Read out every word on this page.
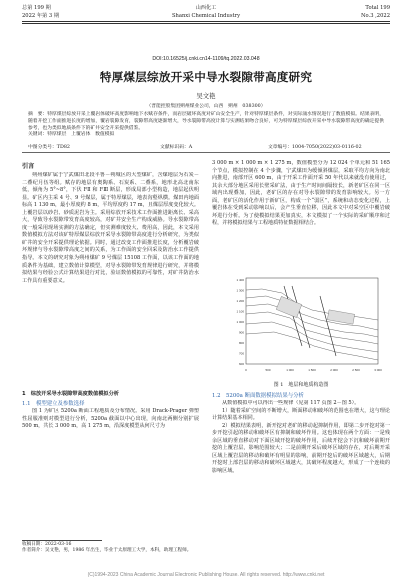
总第 199 期
2022 年第 3 期
山西化工
Shanxi Chemical Industry
Total 199
No.3 ,2022
DOI:10.16525/j.cnki.cn14-1109/tq.2022.03.048
特厚煤层综放开采中导水裂隙带高度研究
吴文艳
（晋能控股集团朔州煤业公司，山西　朔州　038300）
摘　要：特厚煤层综放开采上覆岩体破坏高度影响地下水赋存条件，而岩层破坏高度对矿山安全生产，针对特厚煤层条件，对实际涌水情况进行了数值模拟。结果表明，随着开挖工作面推进长度的增加，覆岩裂隙发育，裂隙带高度逐渐增大，导水裂隙带高度计算与实测结果吻合良好，可为特厚煤层综放开采中导水裂隙带高度的确定提供参考，也为类似地质条件下的矿井安全开采提供借鉴。
关键词：特厚煤层　上覆岩体　数值模拟
中图分类号：TD82	文献标识码：A	文章编号：1004-7050(2022)03-0116-02
引言

朔州煤矿属于宁武煤田北段平鲁－朔城区的大型煤矿，含煤地层为石炭－二叠纪月伍等组。赋存的地层有奥陶系、石炭系、二叠系，地形北高北南东低，倾角为 5°~8°，下伏 FⅡ 和 FⅢ 断层，形成局部小型构造，地层起伏明显。矿区内主采 4 号、9 号煤层，属于特厚煤层，地表沟壑纵横。煤田内地面标高 1 130 m，最小厚度约 8 m，平均厚度约 17 m，且煤层厚度变化较大。上覆岩层以砂岩、砂质泥岩为主。采用综放开采技术工作面推进距离长、采高大，导致导水裂隙带发育高度较高，对矿井安全生产构成威胁。导水裂隙带高度一般采用现场实测的方法确定，但实测难度较大、费用高，因此，本文采用数值模拟方法对该矿特厚煤层综放开采导水裂隙带高度进行分析研究，为类似矿井的安全开采提供理论依据。同时，通过改变工作面推进长度，分析覆岩破坏规律与导水裂隙带高度之间的关系，为工作面的安全回采及防治水工作提供指导。本文的研究对象为朔州煤矿 9 号煤层 15108 工作面，以该工作面的地质条件为基础，建立数值计算模型，对导水裂隙带发育规律进行研究，并将模拟结果与经验公式计算结果进行对比，验证数值模拟的可靠性，对矿井防治水工作具有重要意义。

1　综放开采导水裂隙带高度数值模拟分析
1.1　模型建立及参数选择

图 1 为矿区 5200a 断面工程地质及分布情况。采用 Drack-Prager 弹塑性屈服准则对模型进行分析，5200a 截面以中心出现，向南北两侧分别扩展 500 m，共长 3 000 m，高 1 275 m，沿深度模型从何尺寸为

收稿日期：2022-03-16
作者简介：吴文艳，男，1986 年出生，毕业于太原理工大学，本科，助理工程师。

3 000 m × 1 000 m × 1 275 m，数值模型分为 12 024 个单元和 51 165 个节点，模拟控制在 4 个步骤，宁武煤田为缓倾斜煤层，采取平均方向为南北向推进，南部开区 600 m，由于开采工作面开采 50 年代以来就没有使用过，其余大部分地区采用长壁采矿法，由于生产时间间隔较长，新老矿区在同一区域内出现叠加，因此，老矿区的存在对导水裂隙带的发育影响较大。另一方面，老矿区的活化作用于新矿区，构成一个“弱区”，系统和动态变化过程，上覆岩体在受到采动影响以后，会产生垂直位移，因此本文中对采空区中覆岩破坏进行分析。为了使模拟结果更加真实，本文模拟了一个实际的采矿顺序和过程，并将模拟结果与工程地质特征数据相结合。

1 400
1 300
1 200
1 100
1 000
900
800
700
600
0	500	1 000	1 500	2 000	2 500	3 000
图 1　地层和地质构造图
1.2　5200a 断面数据模拟结果与分析

从数值模拟中可以得出一些规律（见第 117 页图 2－图 5）。

1）随着采矿空间的不断增大，断面移动和破坏的范围也在增大，这与理论计算结果基本相同。

2）模拟结果表明，新开挖对老矿的移动起抑制作用，即第二步开挖对第一步开挖引起的移动和破坏区有抑制和破坏作用。这也体现在两个方面：一是残余区域的垂直移动对下面区域开挖的破坏作用，后续开挖会下沉和破坏前期开挖的上覆岩层，影响范围较大；二是前期开采后破坏区域的存在，对后期开采区域上覆岩层的移动和破坏有明显的影响，前期开挖后的破坏区域越大，后期开挖时上部岩层的移动和破坏区域越大，其破坏程度越大，形成了一个连续的影响区域。

(C)1994-2023 China Academic Journal Electronic Publishing House. All rights reserved. http://www.cnki.net
